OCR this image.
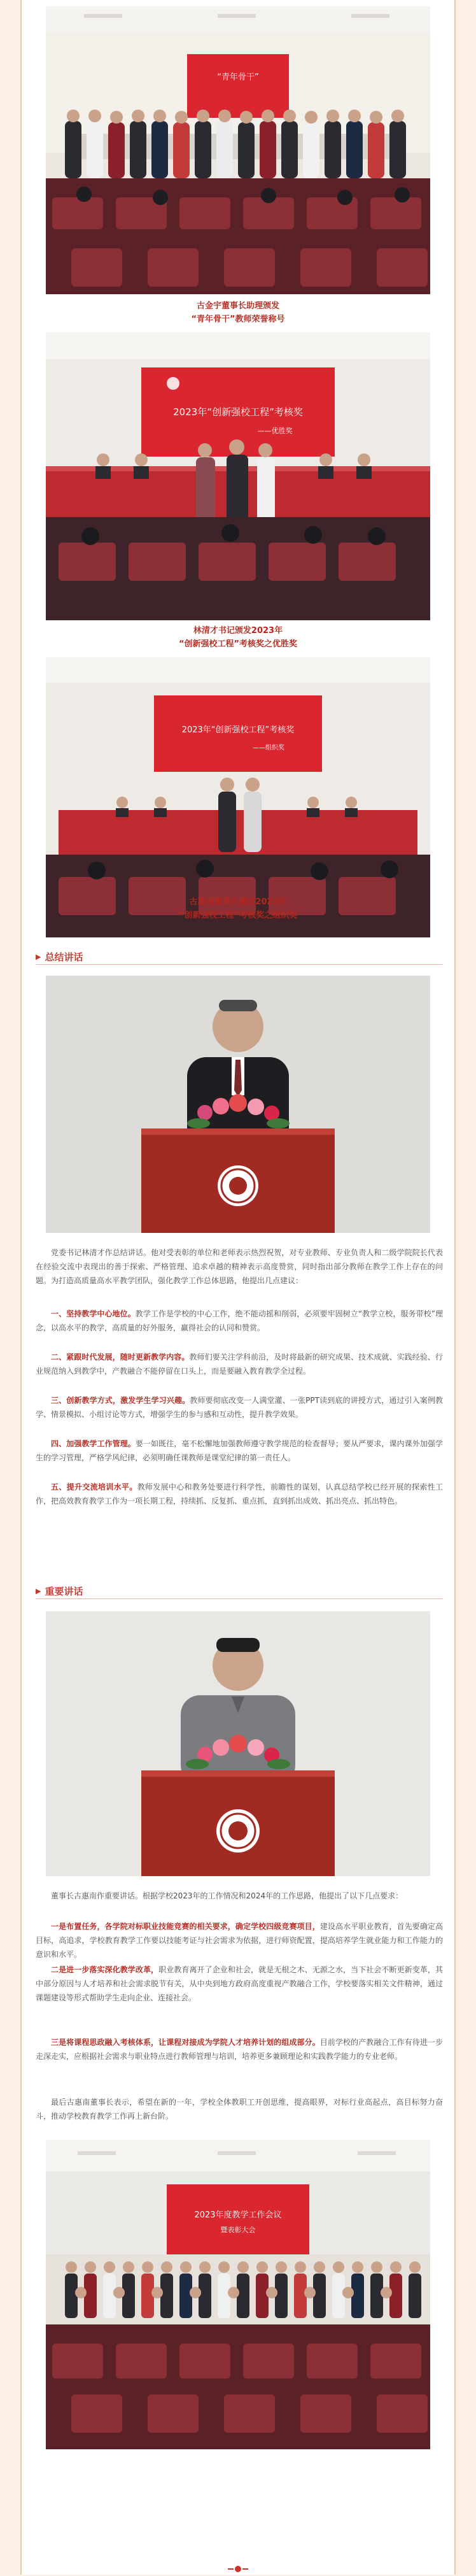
“青年骨干”
古金宇董事长助理颁发
“青年骨干”教师荣誉称号
2023年“创新强校工程”考核奖
——优胜奖
林清才书记颁发2023年
“创新强校工程”考核奖之优胜奖
2023年“创新强校工程”考核奖
——组织奖
古惠南董事长颁发2023年
“创新强校工程”考核奖之组织奖
▶ 总结讲话

党委书记林清才作总结讲话。他对受表彰的单位和老师表示热烈祝贺，对专业教师、专业负责人和二级学院院长代表在经验交流中表现出的善于探索、严格管理、追求卓越的精神表示高度赞赏，同时指出部分教师在教学工作上存在的问题。为打造高质量高水平教学团队，强化教学工作总体思路，他提出几点建议：

一、坚持教学中心地位。教学工作是学校的中心工作，绝不能动摇和削弱，必须要牢固树立“教学立校，服务带校”理念，以高水平的教学，高质量的好外服务，赢得社会的认同和赞赏。

二、紧跟时代发展，随时更新教学内容。教师们要关注学科前沿，及时将最新的研究成果、技术成就、实践经验、行业规范纳入到教学中，产教融合不能停留在口头上，而是要融入教育教学全过程。

三、创新教学方式，激发学生学习兴趣。教师要彻底改变一人满堂灌、一张PPT读到底的讲授方式，通过引入案例教学、情景模拟、小组讨论等方式，增强学生的参与感和互动性，提升教学效果。

四、加强教学工作管理。要一如既往，毫不松懈地加强教师遵守教学规范的检查督导；要从严要求，课内课外加强学生的学习管理，严格学风纪律，必须明确任课教师是课堂纪律的第一责任人。

五、提升交流培训水平。教师发展中心和教务处要进行科学性，前瞻性的谋划，认真总结学校已经开展的探索性工作，把高效教育教学工作为一项长期工程，持续抓、反复抓、重点抓，直到抓出成效、抓出亮点、抓出特色。

▶ 重要讲话

董事长古惠南作重要讲话。根据学校2023年的工作情况和2024年的工作思路，他提出了以下几点要求：

一是布置任务，各学院对标职业技能竞赛的相关要求，确定学校四级竞赛项目，建设高水平职业教育，首先要确定高目标，高追求，学校教育教学工作要以技能考证与社会需求为依据，进行师资配置，提高培养学生就业能力和工作能力的意识和水平。

二是进一步落实深化教学改革，职业教育离开了企业和社会，就是无根之木、无源之水，当下社会不断更新变革，其中部分原因与人才培养和社会需求脱节有关，从中央到地方政府高度重视产教融合工作，学校要落实相关文件精神，通过课题建设等形式帮助学生走向企业、连接社会。

三是将课程思政融入考核体系，让课程对接成为学院人才培养计划的组成部分。目前学校的产教融合工作有待进一步走深走实，应根据社会需求与职业特点进行教师管理与培训，培养更多兼顾理论和实践教学能力的专业老师。

最后古惠南董事长表示，希望在新的一年，学校全体教职工开创思维，提高眼界，对标行业高起点，高目标努力奋斗，推动学校教育教学工作再上新台阶。

2023年度教学工作会议
暨表彰大会
